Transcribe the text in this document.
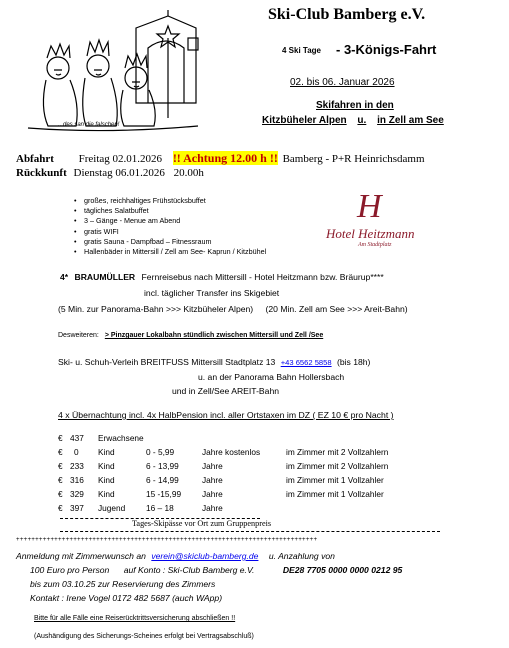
...des san die falschen!
Ski-Club Bamberg e.V.
4 Ski Tage - 3-Königs-Fahrt
02. bis 06. Januar 2026
Skifahren in den
Kitzbüheler Alpen u. in Zell am See
Abfahrt Freitag 02.01.2026 !! Achtung 12.00 h !! Bamberg - P+R Heinrichsdamm
Rückkunft Dienstag 06.01.2026 20.00h
• großes, reichhaltiges Frühstücksbuffet
• tägliches Salatbuffet
• 3 – Gänge - Menue am Abend
• gratis WIFI
• gratis Sauna - Dampfbad – Fitnessraum
• Hallenbäder in Mittersill / Zell am See- Kaprun / Kitzbühel
H
Hotel Heitzmann
Am Stadtplatz
4* BRAUMÜLLER Fernreisebus nach Mittersill - Hotel Heitzmann bzw. Bräurup****
incl. täglicher Transfer ins Skigebiet
(5 Min. zur Panorama-Bahn >>> Kitzbüheler Alpen) (20 Min. Zell am See >>> Areit-Bahn)
Desweiteren: > Pinzgauer Lokalbahn stündlich zwischen Mittersill und Zell /See
Ski- u. Schuh-Verleih BREITFUSS Mittersill Stadtplatz 13 +43 6562 5858 (bis 18h)
u. an der Panorama Bahn Hollersbach
und in Zell/See AREIT-Bahn
4 x Übernachtung incl. 4x HalbPension incl. aller Ortstaxen im DZ ( EZ 10 € pro Nacht )
€ 437 Erwachsene
€ 0 Kind	0 - 5,99	Jahre kostenlos	im Zimmer mit 2 Vollzahlern
€ 233 Kind	6 - 13,99	Jahre	im Zimmer mit 2 Vollzahlern
€ 316 Kind	6 - 14,99	Jahre	im Zimmer mit 1 Vollzahler
€ 329 Kind	15 -15,99	Jahre	im Zimmer mit 1 Vollzahler
€ 397 Jugend	16 – 18	Jahre
Tages-Skipässe vor Ort zum Gruppenpreis
+++++++++++++++++++++++++++++++++++++++++++++++++++++++++++++++++++++++++++++++
Anmeldung mit Zimmerwunsch an verein@skiclub-bamberg.de u. Anzahlung von
100 Euro pro Person auf Konto : Ski-Club Bamberg e.V.	DE28 7705 0000 0000 0212 95
bis zum 03.10.25 zur Reservierung des Zimmers
Kontakt : Irene Vogel 0172 482 5687 (auch WApp)
Bitte für alle Fälle eine Reiserücktrittsversicherung abschließen !!
(Aushändigung des Sicherungs-Scheines erfolgt bei Vertragsabschluß)
